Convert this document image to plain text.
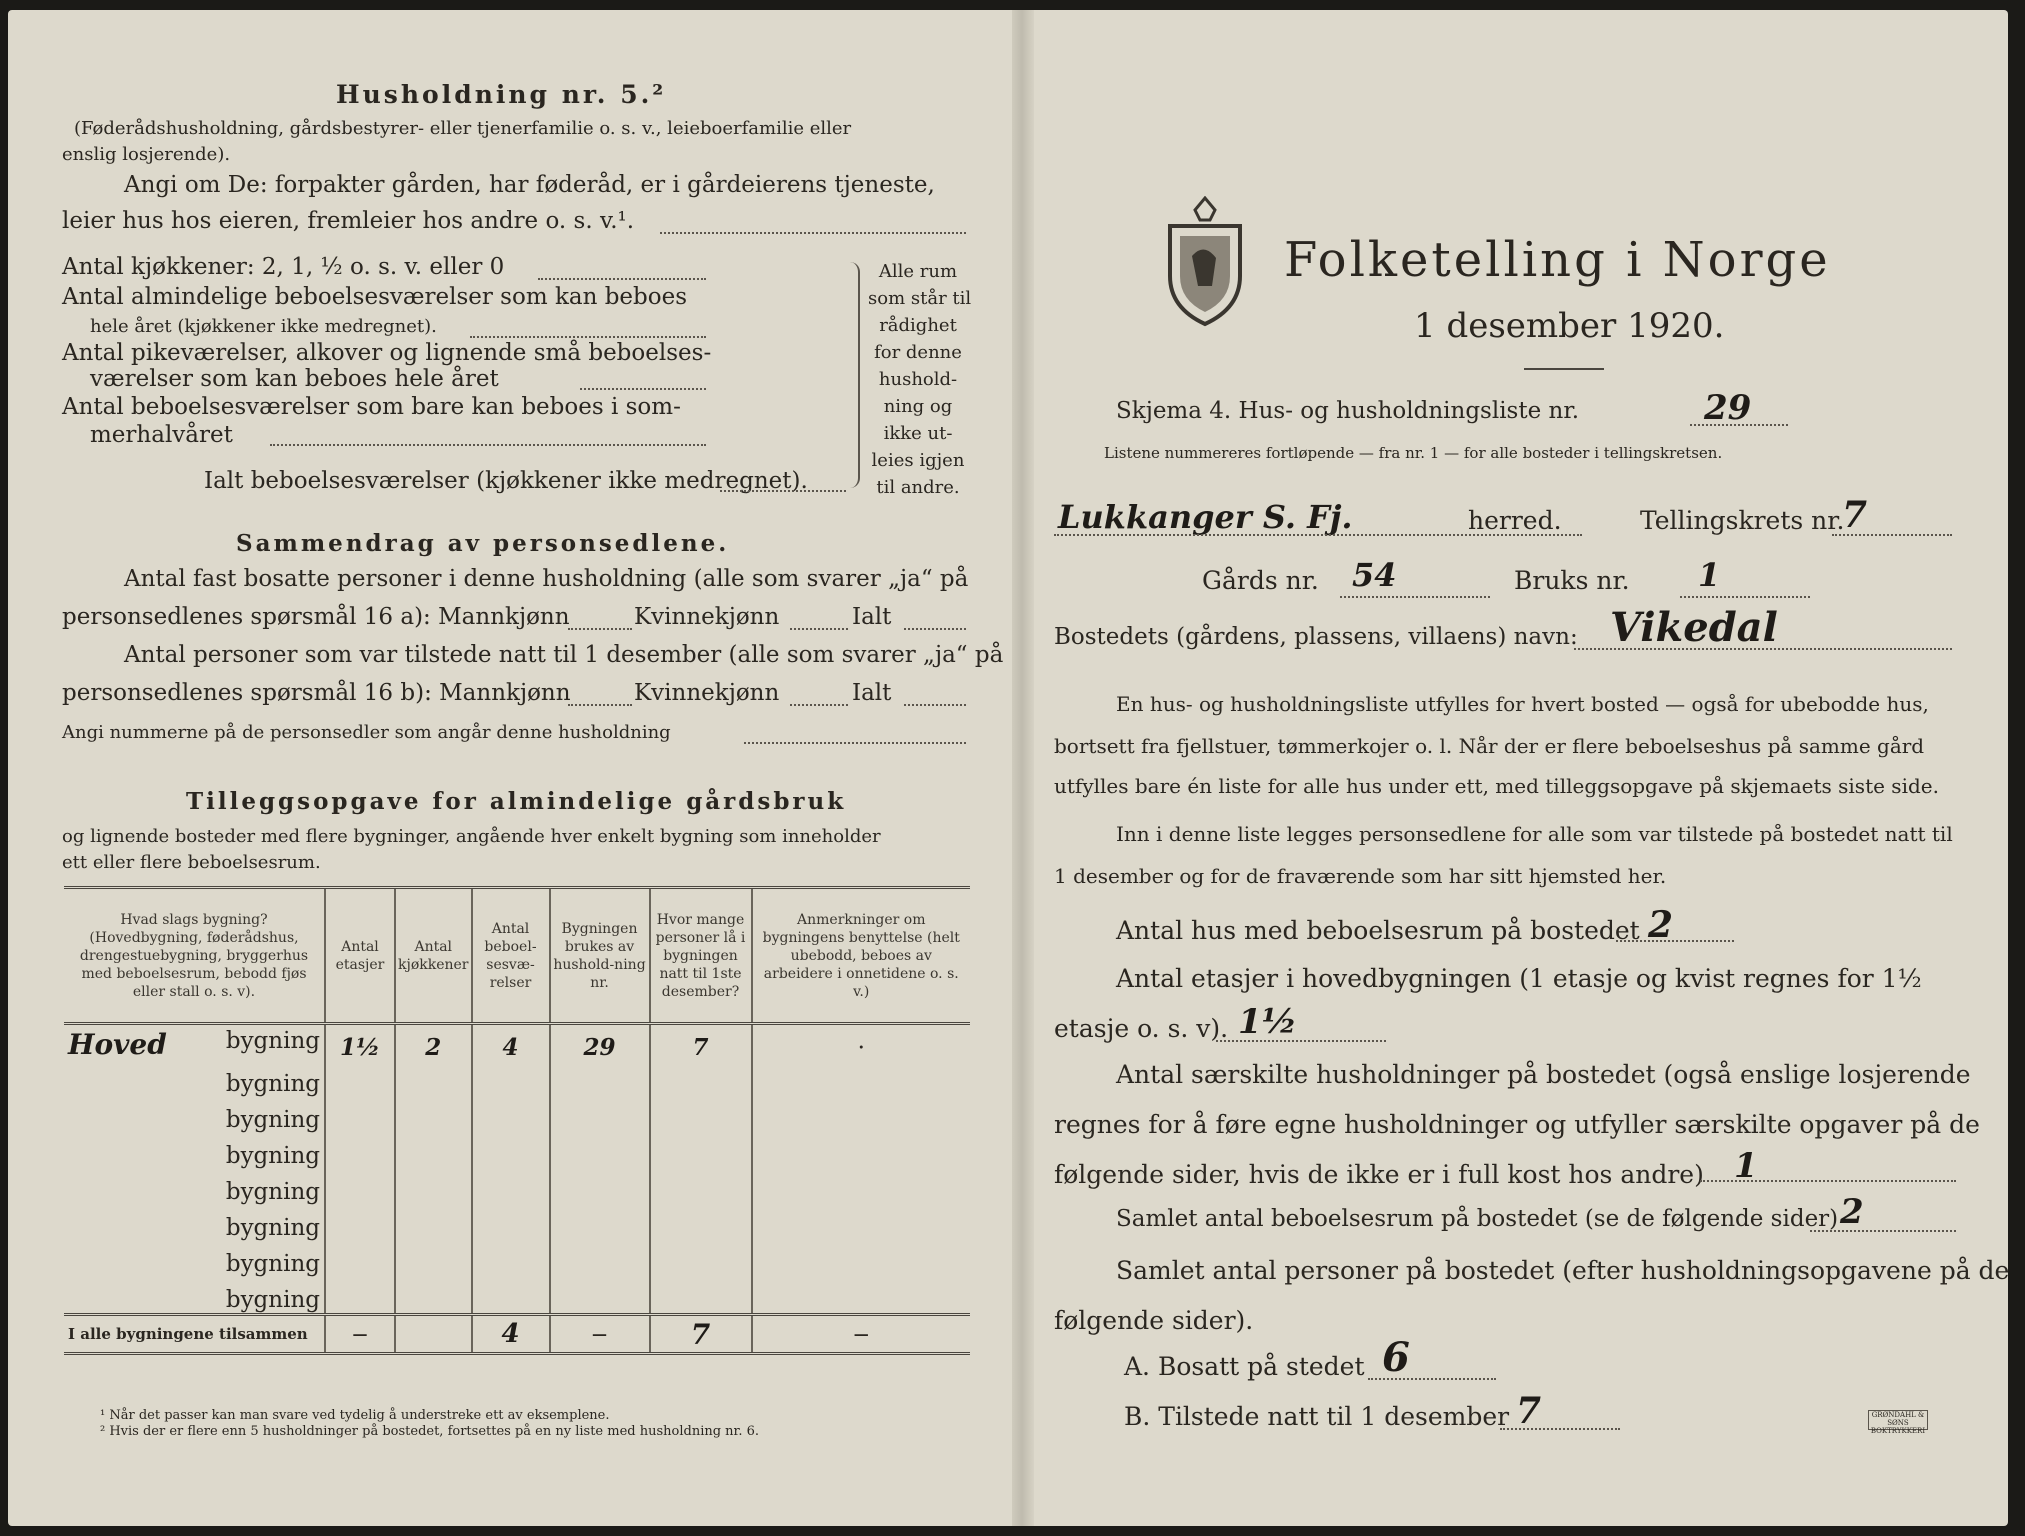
Husholdning nr. 5.²
(Føderådshusholdning, gårdsbestyrer- eller tjenerfamilie o. s. v., leieboerfamilie eller
enslig losjerende).
Angi om De: forpakter gården, har føderåd, er i gårdeierens tjeneste,
leier hus hos eieren, fremleier hos andre o. s. v.¹.
Antal kjøkkener: 2, 1, ½ o. s. v. eller 0
Antal almindelige beboelsesværelser som kan beboes
hele året (kjøkkener ikke medregnet).
Antal pikeværelser, alkover og lignende små beboelses-
værelser som kan beboes hele året
Antal beboelsesværelser som bare kan beboes i som-
merhalvåret
Ialt beboelsesværelser (kjøkkener ikke medregnet).
Alle rum
som står til
rådighet
for denne
hushold-
ning og
ikke ut-
leies igjen
til andre.
Sammendrag av personsedlene.
Antal fast bosatte personer i denne husholdning (alle som svarer „ja“ på
personsedlenes spørsmål 16 a): Mannkjønn	Kvinnekjønn	Ialt
Antal personer som var tilstede natt til 1 desember (alle som svarer „ja“ på
personsedlenes spørsmål 16 b): Mannkjønn	Kvinnekjønn	Ialt
Angi nummerne på de personsedler som angår denne husholdning
Tilleggsopgave for almindelige gårdsbruk
og lignende bosteder med flere bygninger, angående hver enkelt bygning som inneholder
ett eller flere beboelsesrum.
Hvad slags bygning? (Hovedbygning, føderådshus, drengestuebygning, bryggerhus med beboelsesrum, bebodd fjøs eller stall o. s. v).	Antal etasjer	Antal kjøkkener	Antal beboel-sesvæ-relser	Bygningen brukes av hushold-ning nr.	Hvor mange personer lå i bygningen natt til 1ste desember?	Anmerkninger om bygningens benyttelse (helt ubebodd, beboes av arbeidere i onnetidene o. s. v.)

Hoved bygning	1½	2	4	29	7	·
bygning						
bygning						
bygning						
bygning						
bygning						
bygning						
bygning						
I alle bygningene tilsammen	—		4	—	7	—
¹ Når det passer kan man svare ved tydelig å understreke ett av eksemplene.
² Hvis der er flere enn 5 husholdninger på bostedet, fortsettes på en ny liste med husholdning nr. 6.
Folketelling i Norge
1 desember 1920.
Skjema 4. Hus- og husholdningsliste nr.	29
Listene nummereres fortløpende — fra nr. 1 — for alle bosteder i tellingskretsen.
Lukkanger S. Fj.	herred.	Tellingskrets nr.
7
Gårds nr. 54	Bruks nr. 1
Bostedets (gårdens, plassens, villaens) navn: Vikedal
En hus- og husholdningsliste utfylles for hvert bosted — også for ubebodde hus,
bortsett fra fjellstuer, tømmerkojer o. l. Når der er flere beboelseshus på samme gård
utfylles bare én liste for alle hus under ett, med tilleggsopgave på skjemaets siste side.
Inn i denne liste legges personsedlene for alle som var tilstede på bostedet natt til
1 desember og for de fraværende som har sitt hjemsted her.
Antal hus med beboelsesrum på bostedet 2
Antal etasjer i hovedbygningen (1 etasje og kvist regnes for 1½
etasje o. s. v). 1½
Antal særskilte husholdninger på bostedet (også enslige losjerende
regnes for å føre egne husholdninger og utfyller særskilte opgaver på de
følgende sider, hvis de ikke er i full kost hos andre) 1
Samlet antal beboelsesrum på bostedet (se de følgende sider) 2
Samlet antal personer på bostedet (efter husholdningsopgavene på de
følgende sider).
A. Bosatt på stedet 6
B. Tilstede natt til 1 desember 7	GRØNDAHL & SØNS BOKTRYKKERI
